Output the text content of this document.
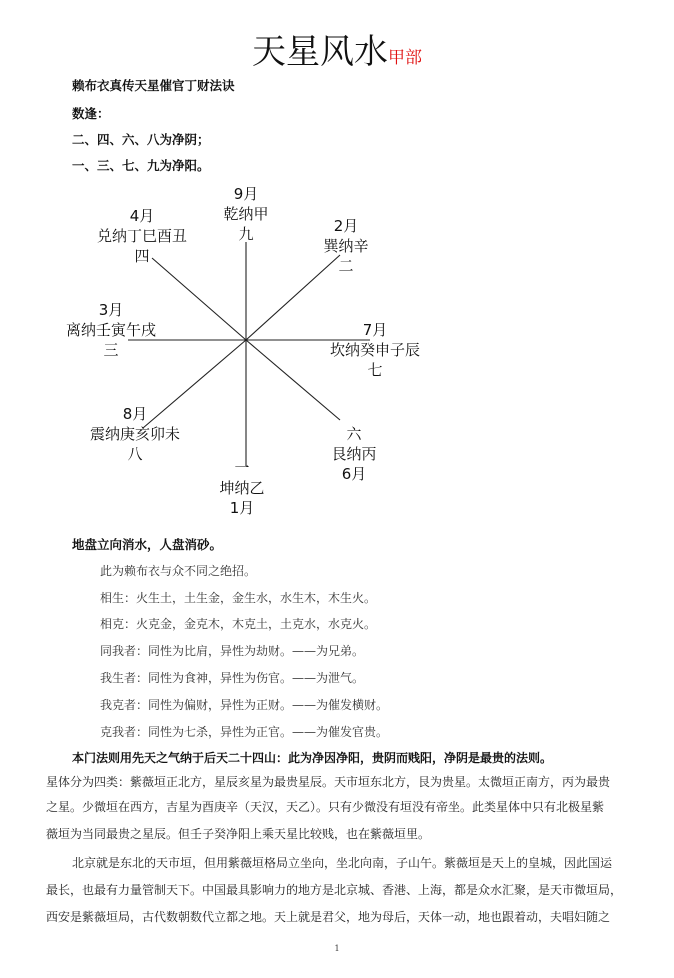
天星风水甲部
赖布衣真传天星催官丁财法诀
数逢：
二、四、六、八为净阴；
一、三、七、九为净阳。
9月
乾纳甲
九
4月
兑纳丁巳酉丑
四
2月
巽纳辛
二
3月
离纳壬寅午戌
三
7月
坎纳癸申子辰
七
8月
震纳庚亥卯未
八
六
艮纳丙
6月
一
坤纳乙
1月
地盘立向消水，人盘消砂。
此为赖布衣与众不同之绝招。
相生：火生土，土生金，金生水，水生木，木生火。
相克：火克金，金克木，木克土，土克水，水克火。
同我者：同性为比肩，异性为劫财。——为兄弟。
我生者：同性为食神，异性为伤官。——为泄气。
我克者：同性为偏财，异性为正财。——为催发横财。
克我者：同性为七杀，异性为正官。——为催发官贵。
本门法则用先天之气纳于后天二十四山：此为净因净阳，贵阴而贱阳，净阴是最贵的法则。
星体分为四类：紫薇垣正北方，星辰亥星为最贵星辰。天市垣东北方，艮为贵星。太微垣正南方，丙为最贵
之星。少微垣在西方，吉星为酉庚辛（天汉，天乙）。只有少微没有垣没有帝坐。此类星体中只有北极星紫
薇垣为当同最贵之星辰。但壬子癸净阳上乘天星比较贱，也在紫薇垣里。
北京就是东北的天市垣，但用紫薇垣格局立坐向，坐北向南，子山午。紫薇垣是天上的皇城，因此国运
最长，也最有力量管制天下。中国最具影响力的地方是北京城、香港、上海，都是众水汇聚，是天市微垣局，
西安是紫薇垣局，古代数朝数代立都之地。天上就是君父，地为母后，天体一动，地也跟着动，夫唱妇随之
1
